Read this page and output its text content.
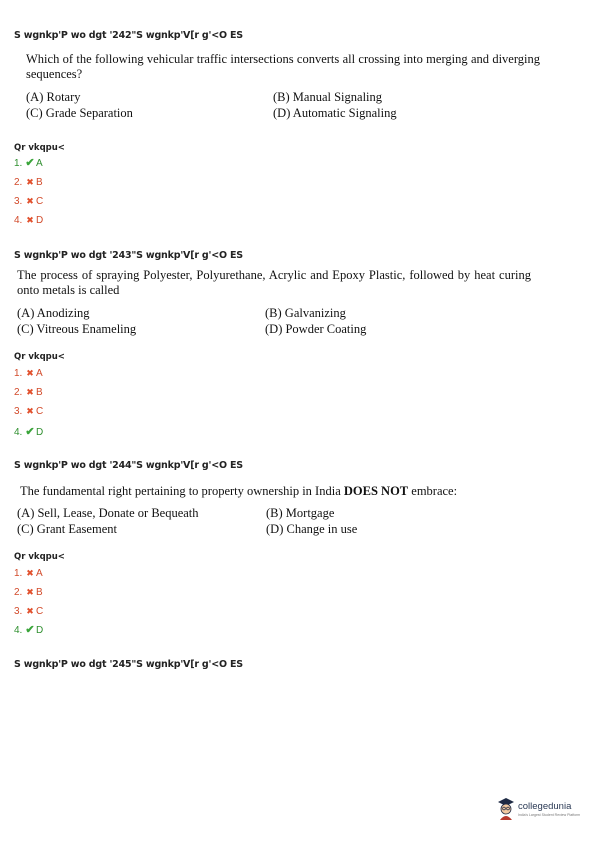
S wgnkp'P wo dgt '242"S wgnkp'V[r g'<O ES
Which of the following vehicular traffic intersections converts all crossing into merging and diverging sequences?
(A) Rotary	(B) Manual Signaling
(C) Grade Separation	(D) Automatic Signaling
Qr vkqpu<
1. ✔A
2. ✖ B
3. ✖ C
4. ✖ D
S wgnkp'P wo dgt '243"S wgnkp'V[r g'<O ES
The process of spraying Polyester, Polyurethane, Acrylic and Epoxy Plastic, followed by heat curing onto metals is called
(A) Anodizing	(B) Galvanizing
(C) Vitreous Enameling	(D) Powder Coating
Qr vkqpu<
1. ✖ A
2. ✖ B
3. ✖ C
4. ✔D
S wgnkp'P wo dgt '244"S wgnkp'V[r g'<O ES
The fundamental right pertaining to property ownership in India DOES NOT embrace:
(A) Sell, Lease, Donate or Bequeath	(B) Mortgage
(C) Grant Easement	(D) Change in use
Qr vkqpu<
1. ✖ A
2. ✖ B
3. ✖ C
4. ✔D
S wgnkp'P wo dgt '245"S wgnkp'V[r g'<O ES
collegedunia
India's Largest Student Review Platform
